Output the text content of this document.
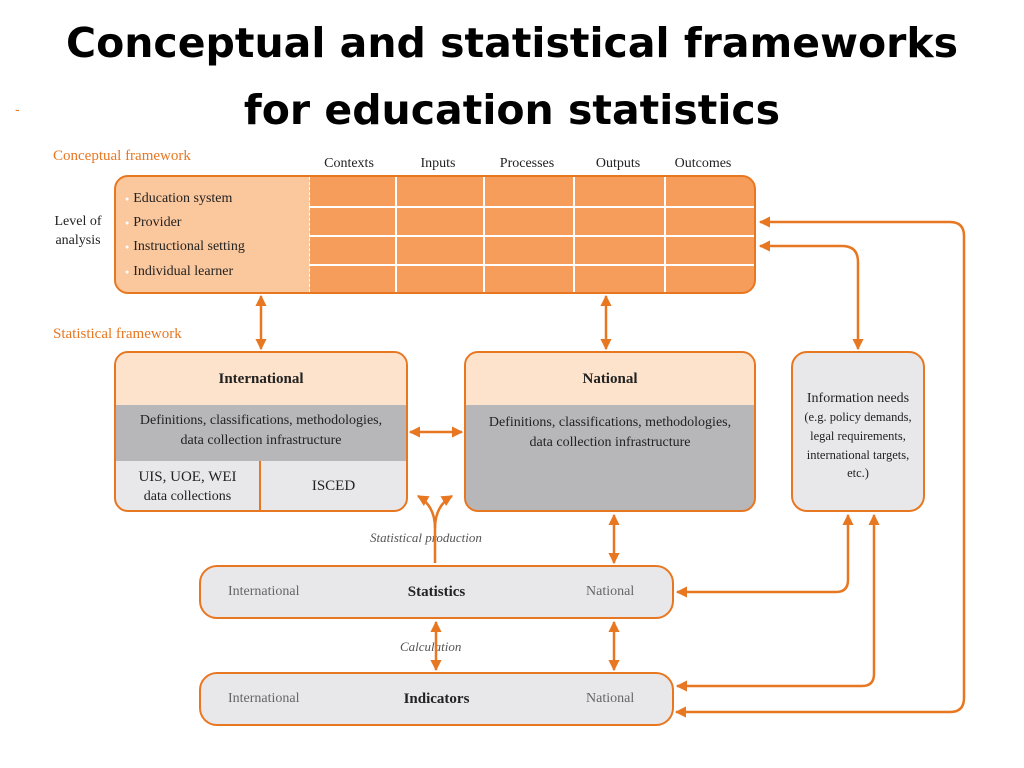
Conceptual and statistical frameworks
for education statistics
-
Conceptual framework	Contexts	Inputs	Processes	Outputs	Outcomes
Level of
analysis
● Education system
● Provider
● Instructional setting
● Individual learner
Statistical framework
International
Definitions, classifications, methodologies,
data collection infrastructure
UIS, UOE, WEI
data collections
ISCED
National
Definitions, classifications, methodologies,
data collection infrastructure
Information needs
(e.g. policy demands,
legal requirements,
international targets,
etc.)
Statistical production
Calculation
International	Statistics	National
International	Indicators	National
